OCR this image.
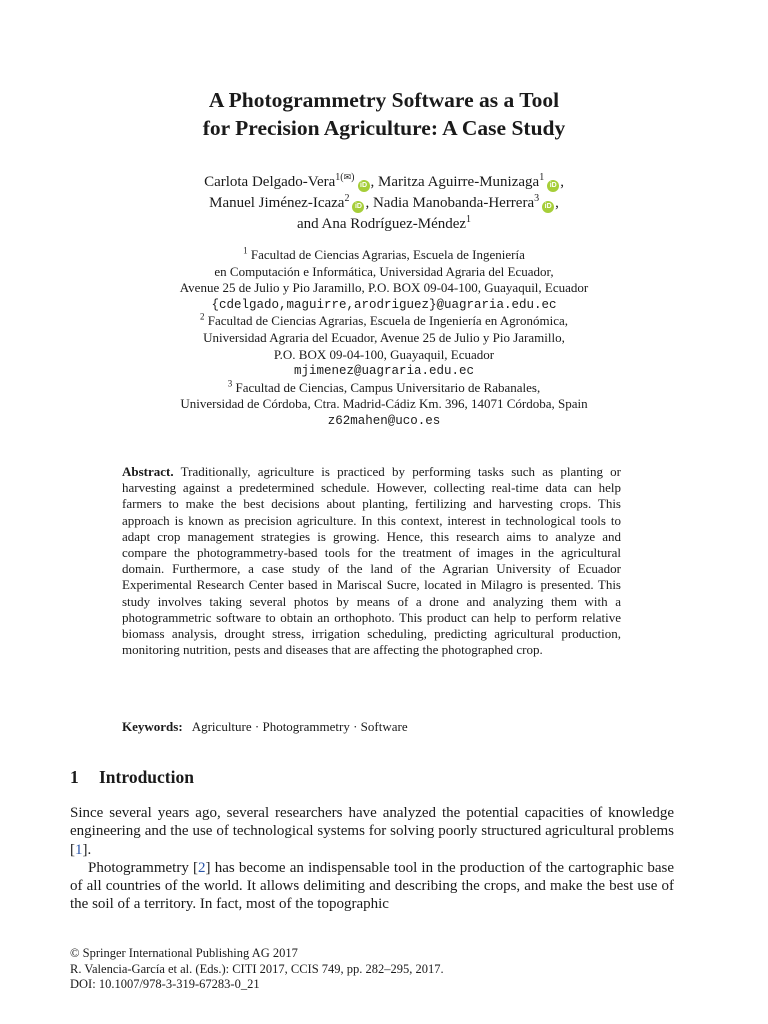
A Photogrammetry Software as a Tool
for Precision Agriculture: A Case Study
Carlota Delgado-Vera$^{1(✉)}$iD , Maritza Aguirre-Munizaga$^1$iD ,
Manuel Jiménez-Icaza$^2$iD , Nadia Manobanda-Herrera$^3$iD ,
and Ana Rodríguez-Méndez$^1$
$^1$ Facultad de Ciencias Agrarias, Escuela de Ingeniería
en Computación e Informática, Universidad Agraria del Ecuador,
Avenue 25 de Julio y Pio Jaramillo, P.O. BOX 09-04-100, Guayaquil, Ecuador
{cdelgado,maguirre,arodriguez}@uagraria.edu.ec
$^2$ Facultad de Ciencias Agrarias, Escuela de Ingeniería en Agronómica,
Universidad Agraria del Ecuador, Avenue 25 de Julio y Pio Jaramillo,
P.O. BOX 09-04-100, Guayaquil, Ecuador
mjimenez@uagraria.edu.ec
$^3$ Facultad de Ciencias, Campus Universitario de Rabanales,
Universidad de Córdoba, Ctra. Madrid-Cádiz Km. 396, 14071 Córdoba, Spain
z62mahen@uco.es
Abstract. Traditionally, agriculture is practiced by performing tasks such as planting or harvesting against a predetermined schedule. However, collecting real-time data can help farmers to make the best decisions about planting, fertilizing and harvesting crops. This approach is known as precision agriculture. In this context, interest in technological tools to adapt crop management strategies is growing. Hence, this research aims to analyze and compare the photogrammetry-based tools for the treatment of images in the agricultural domain. Furthermore, a case study of the land of the Agrarian University of Ecuador Experimental Research Center based in Mariscal Sucre, located in Milagro is presented. This study involves taking several photos by means of a drone and analyzing them with a photogrammetric software to obtain an orthophoto. This product can help to perform relative biomass analysis, drought stress, irrigation scheduling, predicting agricultural production, monitoring nutrition, pests and diseases that are affecting the photographed crop.
Keywords: Agriculture · Photogrammetry · Software
1 Introduction

Since several years ago, several researchers have analyzed the potential capacities of knowledge engineering and the use of technological systems for solving poorly structured agricultural problems [1].

Photogrammetry [2] has become an indispensable tool in the production of the cartographic base of all countries of the world. It allows delimiting and describing the crops, and make the best use of the soil of a territory. In fact, most of the topographic

© Springer International Publishing AG 2017
R. Valencia-García et al. (Eds.): CITI 2017, CCIS 749, pp. 282–295, 2017.
DOI: 10.1007/978-3-319-67283-0_21
